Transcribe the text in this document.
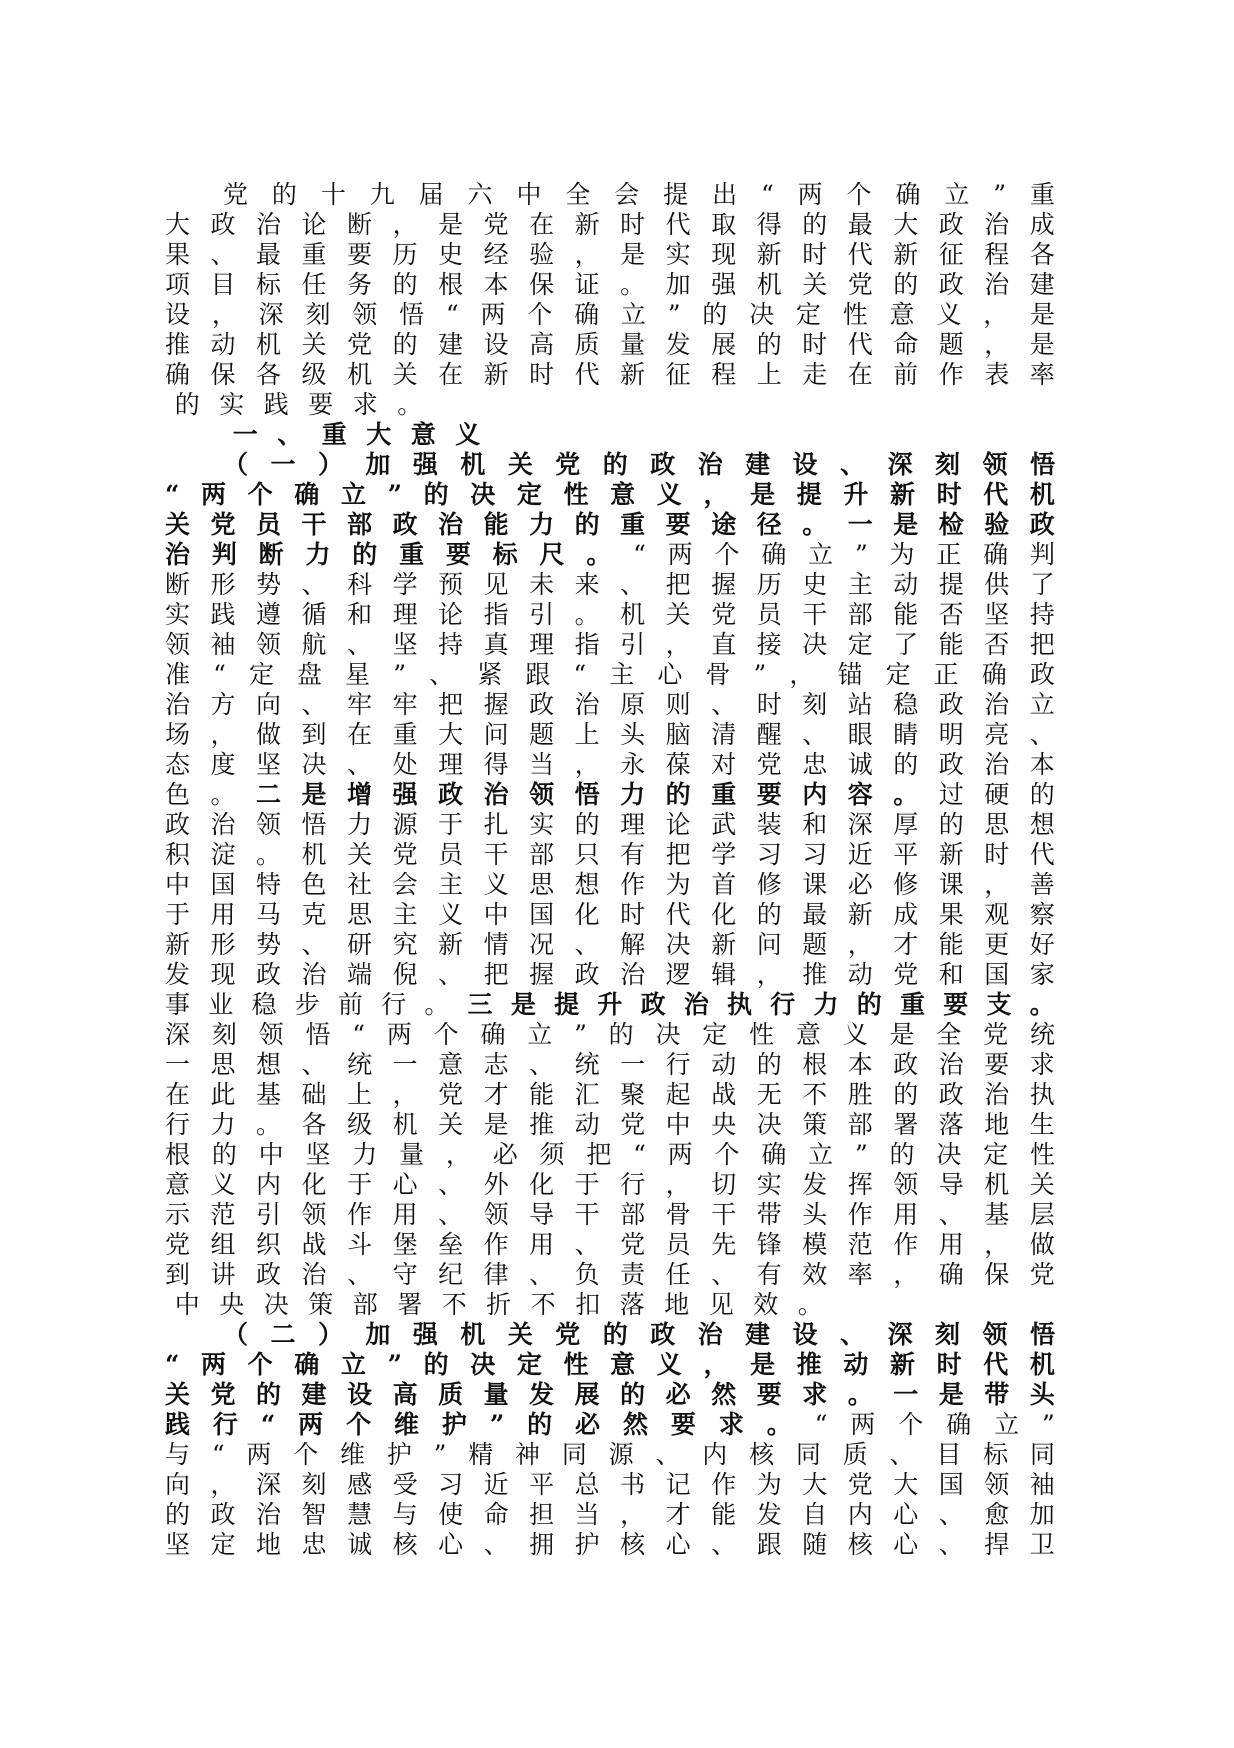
党 的 十 九 届 六 中 全 会 提 出 “ 两 个 确 立 ” 重
大 政 治 论 断 ， 是 党 在 新 时 代 取 得 的 最 大 政 治 成
果 、 最 重 要 历 史 经 验 ， 是 实 现 新 时 代 新 征 程 各
项 目 标 任 务 的 根 本 保 证 。 加 强 机 关 党 的 政 治 建
设 ， 深 刻 领 悟 “ 两 个 确 立 ” 的 决 定 性 意 义 ， 是
推 动 机 关 党 的 建 设 高 质 量 发 展 的 时 代 命 题 ， 是
确 保 各 级 机 关 在 新 时 代 新 征 程 上 走 在 前 作 表 率
的 实 践 要 求 。
一 、 重 大 意 义
（ 一 ） 加 强 机 关 党 的 政 治 建 设 、 深 刻 领 悟
“ 两 个 确 立 ” 的 决 定 性 意 义 ， 是 提 升 新 时 代 机
关 党 员 干 部 政 治 能 力 的 重 要 途 径 。 一 是 检 验 政
治 判 断 力 的 重 要 标 尺 。 “ 两 个 确 立 ” 为 正 确 判
断 形 势 、 科 学 预 见 未 来 、 把 握 历 史 主 动 提 供 了
实 践 遵 循 和 理 论 指 引 。 机 关 党 员 干 部 能 否 坚 持
领 袖 领 航 、 坚 持 真 理 指 引 ， 直 接 决 定 了 能 否 把
准 “ 定 盘 星 ” 、 紧 跟 “ 主 心 骨 ” ， 锚 定 正 确 政
治 方 向 、 牢 牢 把 握 政 治 原 则 、 时 刻 站 稳 政 治 立
场 ， 做 到 在 重 大 问 题 上 头 脑 清 醒 、 眼 睛 明 亮 、
态 度 坚 决 、 处 理 得 当 ， 永 葆 对 党 忠 诚 的 政 治 本
色 。 二 是 增 强 政 治 领 悟 力 的 重 要 内 容 。 过 硬 的
政 治 领 悟 力 源 于 扎 实 的 理 论 武 装 和 深 厚 的 思 想
积 淀 。 机 关 党 员 干 部 只 有 把 学 习 习 近 平 新 时 代
中 国 特 色 社 会 主 义 思 想 作 为 首 修 课 必 修 课 ， 善
于 用 马 克 思 主 义 中 国 化 时 代 化 的 最 新 成 果 观 察
新 形 势 、 研 究 新 情 况 、 解 决 新 问 题 ， 才 能 更 好
发 现 政 治 端 倪 、 把 握 政 治 逻 辑 ， 推 动 党 和 国 家
事 业 稳 步 前 行 。 三 是 提 升 政 治 执 行 力 的 重 要 支 。
深 刻 领 悟 “ 两 个 确 立 ” 的 决 定 性 意 义 是 全 党 统
一 思 想 、 统 一 意 志 、 统 一 行 动 的 根 本 政 治 要 求
在 此 基 础 上 ， 党 才 能 汇 聚 起 战 无 不 胜 的 政 治 执
行 力 。 各 级 机 关 是 推 动 党 中 央 决 策 部 署 落 地 生
根 的 中 坚 力 量 ， 必 须 把 “ 两 个 确 立 ” 的 决 定 性
意 义 内 化 于 心 、 外 化 于 行 ， 切 实 发 挥 领 导 机 关
示 范 引 领 作 用 、 领 导 干 部 骨 干 带 头 作 用 、 基 层
党 组 织 战 斗 堡 垒 作 用 、 党 员 先 锋 模 范 作 用 ， 做
到 讲 政 治 、 守 纪 律 、 负 责 任 、 有 效 率 ， 确 保 党
中 央 决 策 部 署 不 折 不 扣 落 地 见 效 。
（ 二 ） 加 强 机 关 党 的 政 治 建 设 、 深 刻 领 悟
“ 两 个 确 立 ” 的 决 定 性 意 义 ， 是 推 动 新 时 代 机
关 党 的 建 设 高 质 量 发 展 的 必 然 要 求 。 一 是 带 头
践 行 “ 两 个 维 护 ” 的 必 然 要 求 。 “ 两 个 确 立 ”
与 “ 两 个 维 护 ” 精 神 同 源 、 内 核 同 质 、 目 标 同
向 ， 深 刻 感 受 习 近 平 总 书 记 作 为 大 党 大 国 领 袖
的 政 治 智 慧 与 使 命 担 当 ， 才 能 发 自 内 心 、 愈 加
坚 定 地 忠 诚 核 心 、 拥 护 核 心 、 跟 随 核 心 、 捍 卫
